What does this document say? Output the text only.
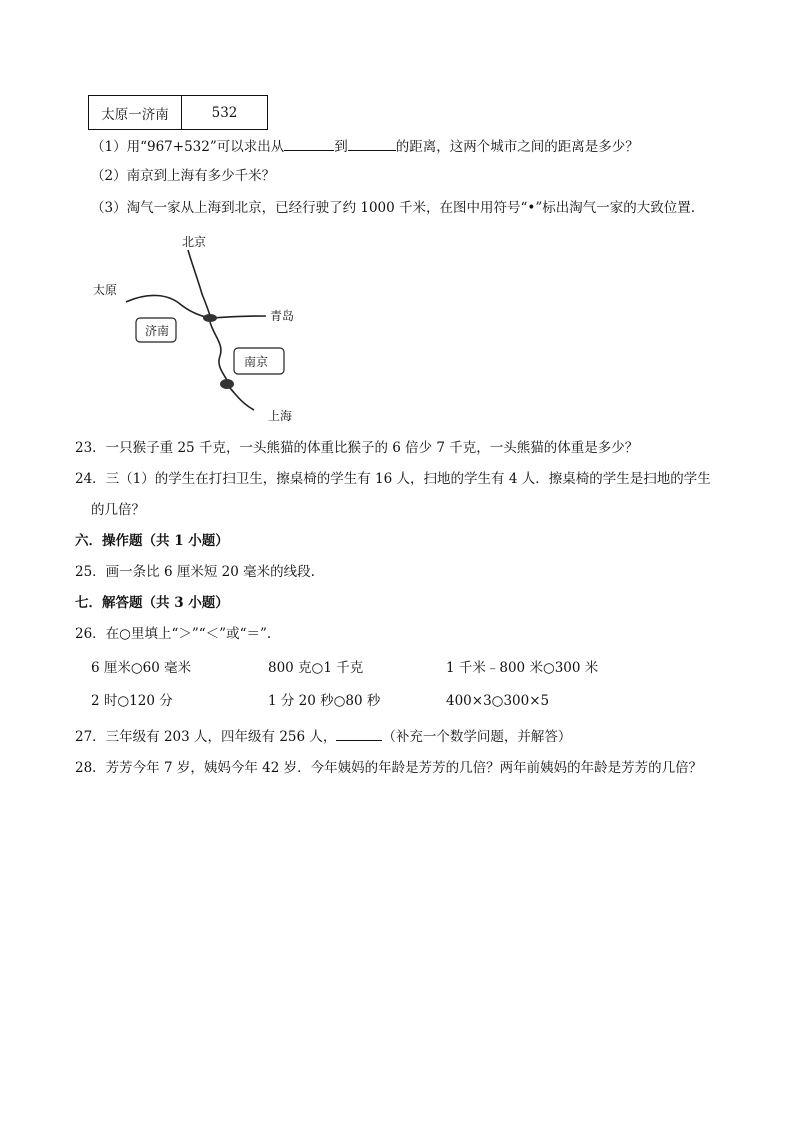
太原一济南	532
（1）用“967+532”可以求出从	到	的距离，这两个城市之间的距离是多少？
（2）南京到上海有多少千米？
（3）淘气一家从上海到北京，已经行驶了约 1000 千米，在图中用符号“•”标出淘气一家的大致位置.
北京
太原
青岛
济南
南京
上海
23．一只猴子重 25 千克，一头熊猫的体重比猴子的 6 倍少 7 千克，一头熊猫的体重是多少？
24．三（1）的学生在打扫卫生，擦桌椅的学生有 16 人，扫地的学生有 4 人．擦桌椅的学生是扫地的学生
的几倍？
六．操作题（共 1 小题）
25．画一条比 6 厘米短 20 毫米的线段.
七．解答题（共 3 小题）
26．在○里填上“＞”“＜”或“＝”.
6 厘米○60 毫米	800 克○1 千克	1 千米﹣800 米○300 米
2 时○120 分	1 分 20 秒○80 秒	400×3○300×5
27．三年级有 203 人，四年级有 256 人，	（补充一个数学问题，并解答）
28．芳芳今年 7 岁，姨妈今年 42 岁．今年姨妈的年龄是芳芳的几倍？两年前姨妈的年龄是芳芳的几倍？
